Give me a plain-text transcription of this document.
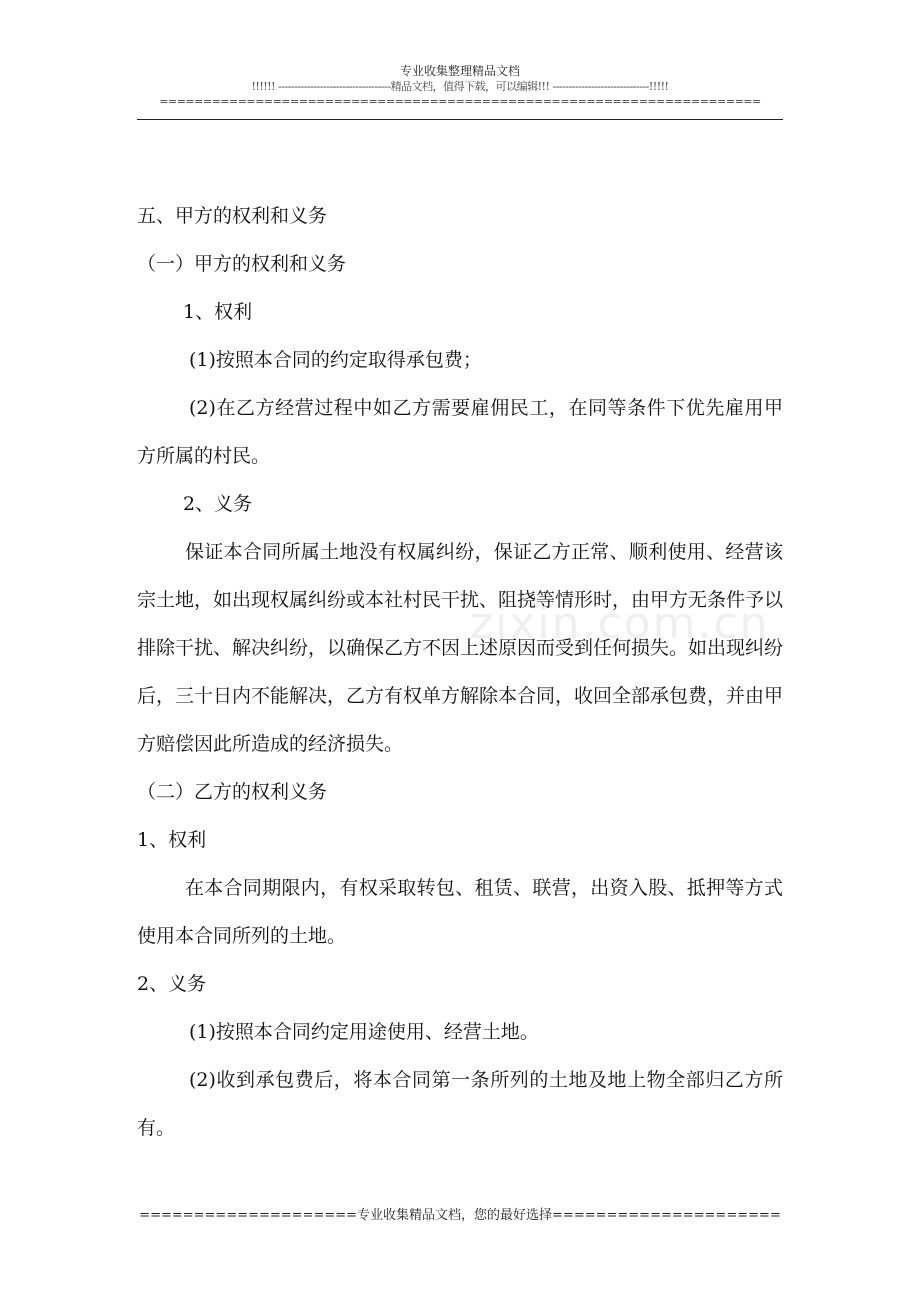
专业收集整理精品文档
!!!!!! -----------------------------------精品文档，值得下载，可以编辑!!! ------------------------------!!!!!
=====================================================================
zixin.com.cn

五、甲方的权利和义务

（一）甲方的权利和义务

1、权利

(1)按照本合同的约定取得承包费；

(2)在乙方经营过程中如乙方需要雇佣民工，在同等条件下优先雇用甲方所属的村民。

2、义务

保证本合同所属土地没有权属纠纷，保证乙方正常、顺利使用、经营该宗土地，如出现权属纠纷或本社村民干扰、阻挠等情形时，由甲方无条件予以排除干扰、解决纠纷，以确保乙方不因上述原因而受到任何损失。如出现纠纷后，三十日内不能解决，乙方有权单方解除本合同，收回全部承包费，并由甲方赔偿因此所造成的经济损失。

（二）乙方的权利义务

1、权利

在本合同期限内，有权采取转包、租赁、联营，出资入股、抵押等方式使用本合同所列的土地。

2、义务

(1)按照本合同约定用途使用、经营土地。

(2)收到承包费后，将本合同第一条所列的土地及地上物全部归乙方所有。

====================专业收集精品文档，您的最好选择=====================
